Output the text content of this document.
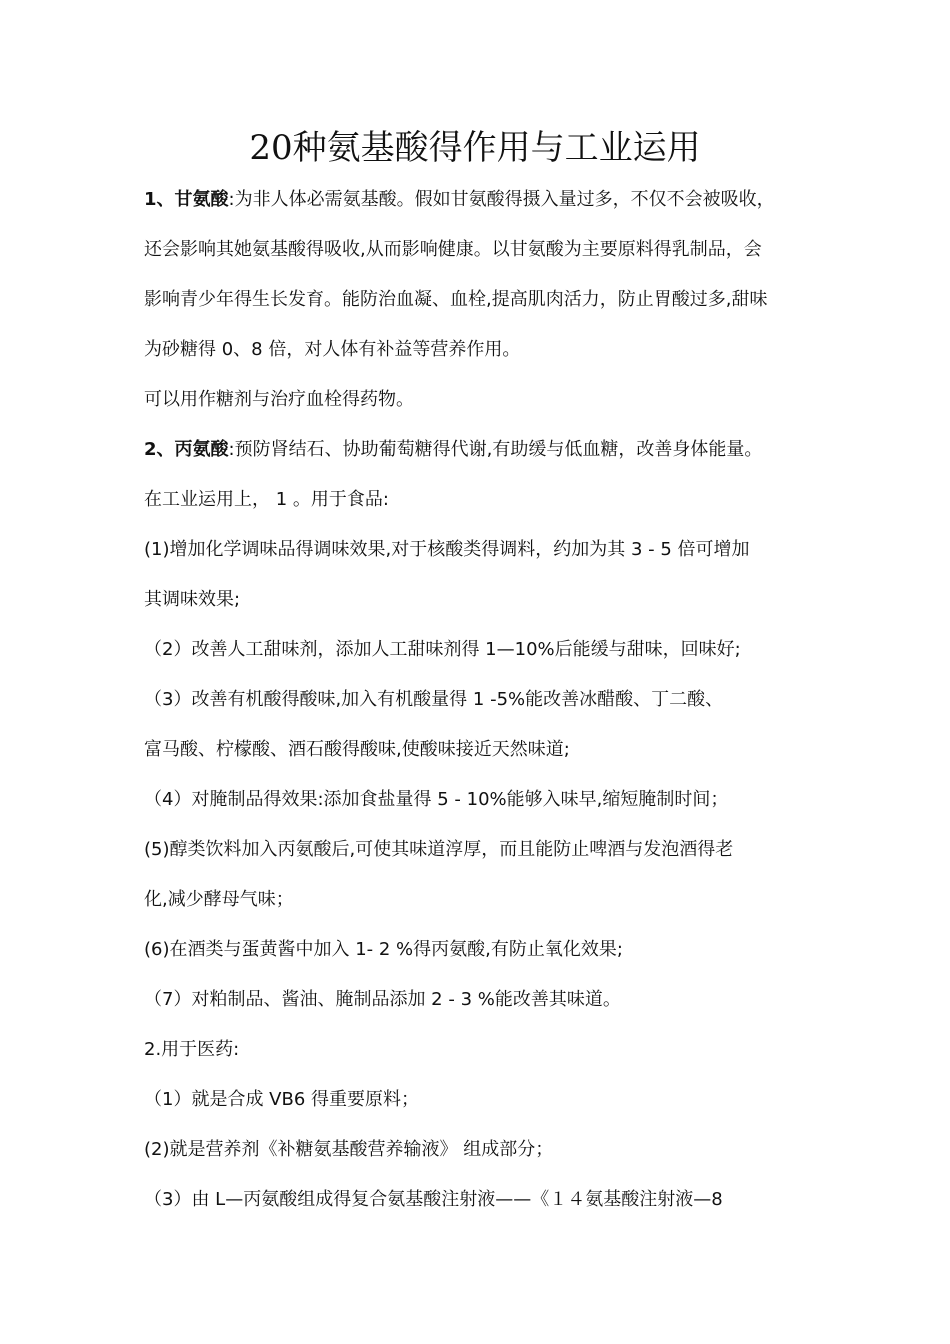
20种氨基酸得作用与工业运用
1、甘氨酸:为非人体必需氨基酸。假如甘氨酸得摄入量过多，不仅不会被吸收，
还会影响其她氨基酸得吸收,从而影响健康。以甘氨酸为主要原料得乳制品，会
影响青少年得生长发育。能防治血凝、血栓,提高肌肉活力，防止胃酸过多,甜味
为砂糖得 0、8 倍，对人体有补益等营养作用。
可以用作糖剂与治疗血栓得药物。
2、丙氨酸:预防肾结石、协助葡萄糖得代谢,有助缓与低血糖，改善身体能量。
在工业运用上， 1 。用于食品:
(1)增加化学调味品得调味效果,对于核酸类得调料，约加为其 3 - 5 倍可增加
其调味效果;
（2）改善人工甜味剂，添加人工甜味剂得 1—10%后能缓与甜味，回味好;
（3）改善有机酸得酸味,加入有机酸量得 1 -5%能改善冰醋酸、丁二酸、
富马酸、柠檬酸、酒石酸得酸味,使酸味接近天然味道;
（4）对腌制品得效果:添加食盐量得 5 - 10%能够入味早,缩短腌制时间；
(5)醇类饮料加入丙氨酸后,可使其味道淳厚，而且能防止啤酒与发泡酒得老
化,减少酵母气味；
(6)在酒类与蛋黄酱中加入 1- 2 %得丙氨酸,有防止氧化效果;
（7）对粕制品、酱油、腌制品添加 2 - 3 %能改善其味道。
2.用于医药:
（1）就是合成 VB6 得重要原料；
(2)就是营养剂《补糖氨基酸营养输液》 组成部分；
（3）由 L—丙氨酸组成得复合氨基酸注射液——《１４氨基酸注射液—8
